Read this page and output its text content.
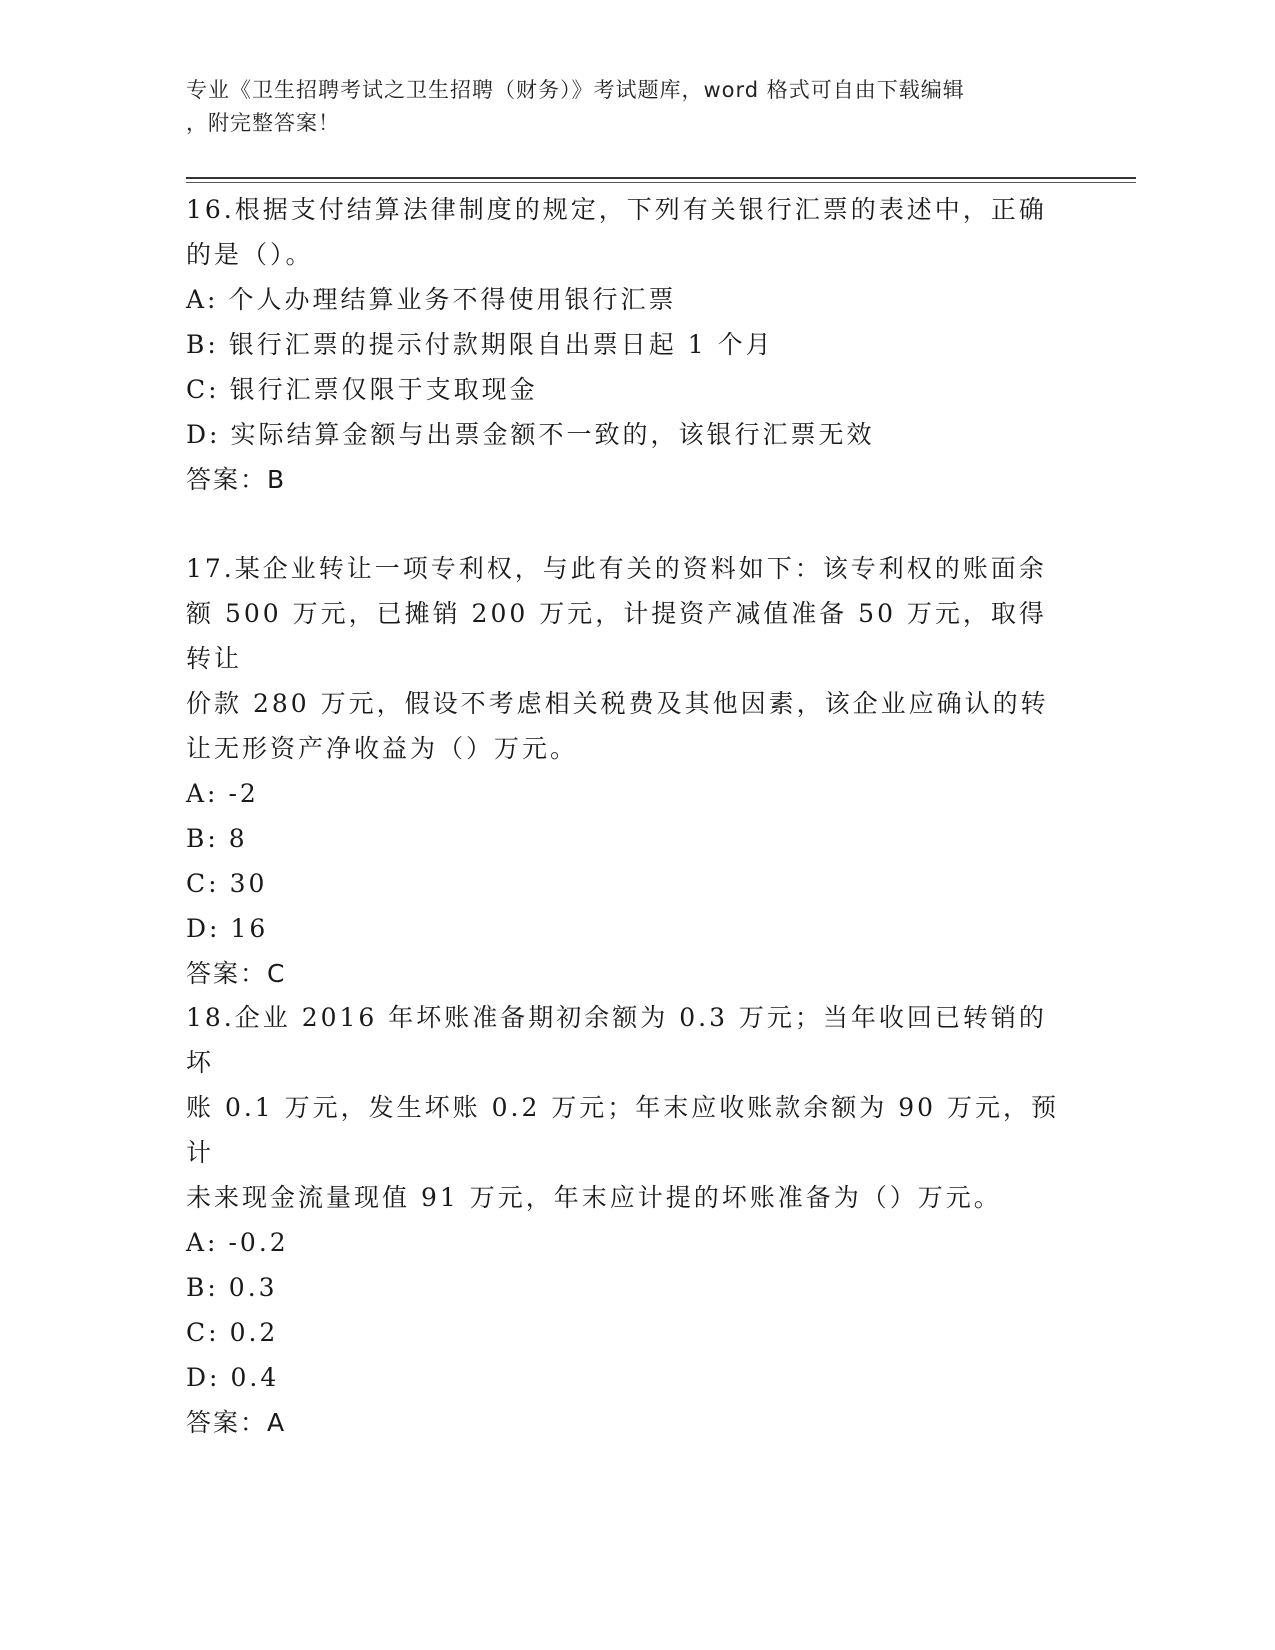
专业《卫生招聘考试之卫生招聘（财务）》考试题库，word 格式可自由下载编辑
，附完整答案！
16.根据支付结算法律制度的规定，下列有关银行汇票的表述中，正确
的是（）。
A: 个人办理结算业务不得使用银行汇票
B: 银行汇票的提示付款期限自出票日起 1 个月
C: 银行汇票仅限于支取现金
D: 实际结算金额与出票金额不一致的，该银行汇票无效
答案：B
17.某企业转让一项专利权，与此有关的资料如下：该专利权的账面余
额 500 万元，已摊销 200 万元，计提资产减值准备 50 万元，取得转让
价款 280 万元，假设不考虑相关税费及其他因素，该企业应确认的转
让无形资产净收益为（）万元。
A: -2
B: 8
C: 30
D: 16
答案：C
18.企业 2016 年坏账准备期初余额为 0.3 万元；当年收回已转销的坏
账 0.1 万元，发生坏账 0.2 万元；年末应收账款余额为 90 万元，预计
未来现金流量现值 91 万元，年末应计提的坏账准备为（）万元。
A: -0.2
B: 0.3
C: 0.2
D: 0.4
答案：A
